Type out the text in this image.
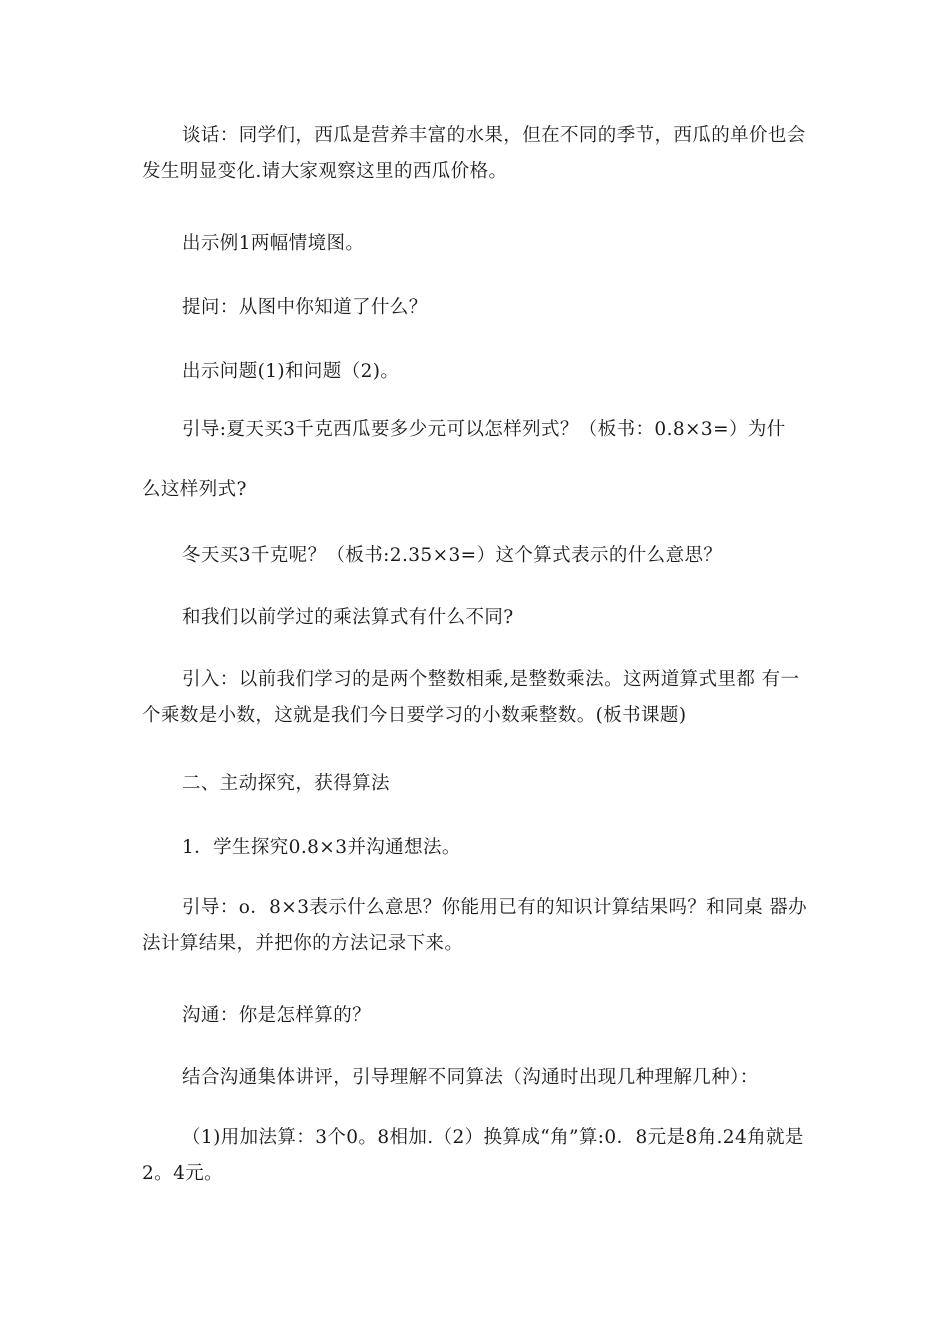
谈话：同学们，西瓜是营养丰富的水果，但在不同的季节，西瓜的单价也会发生明显变化.请大家观察这里的西瓜价格。

出示例1两幅情境图。

提问：从图中你知道了什么？

出示问题(1)和问题（2)。

引导:夏天买3千克西瓜要多少元可以怎样列式？（板书：0.8×3=）为什

么这样列式?

冬天买3千克呢？（板书:2.35×3=）这个算式表示的什么意思？

和我们以前学过的乘法算式有什么不同?

引入：以前我们学习的是两个整数相乘,是整数乘法。这两道算式里都 有一个乘数是小数，这就是我们今日要学习的小数乘整数。(板书课题)

二、主动探究，获得算法

1．学生探究0.8×3并沟通想法。

引导：o．8×3表示什么意思？你能用已有的知识计算结果吗？和同桌 器办法计算结果，并把你的方法记录下来。

沟通：你是怎样算的？

结合沟通集体讲评，引导理解不同算法（沟通时出现几种理解几种）：

（1)用加法算：3个0。8相加.（2）换算成“角”算:0．8元是8角.24角就是2。4元。
